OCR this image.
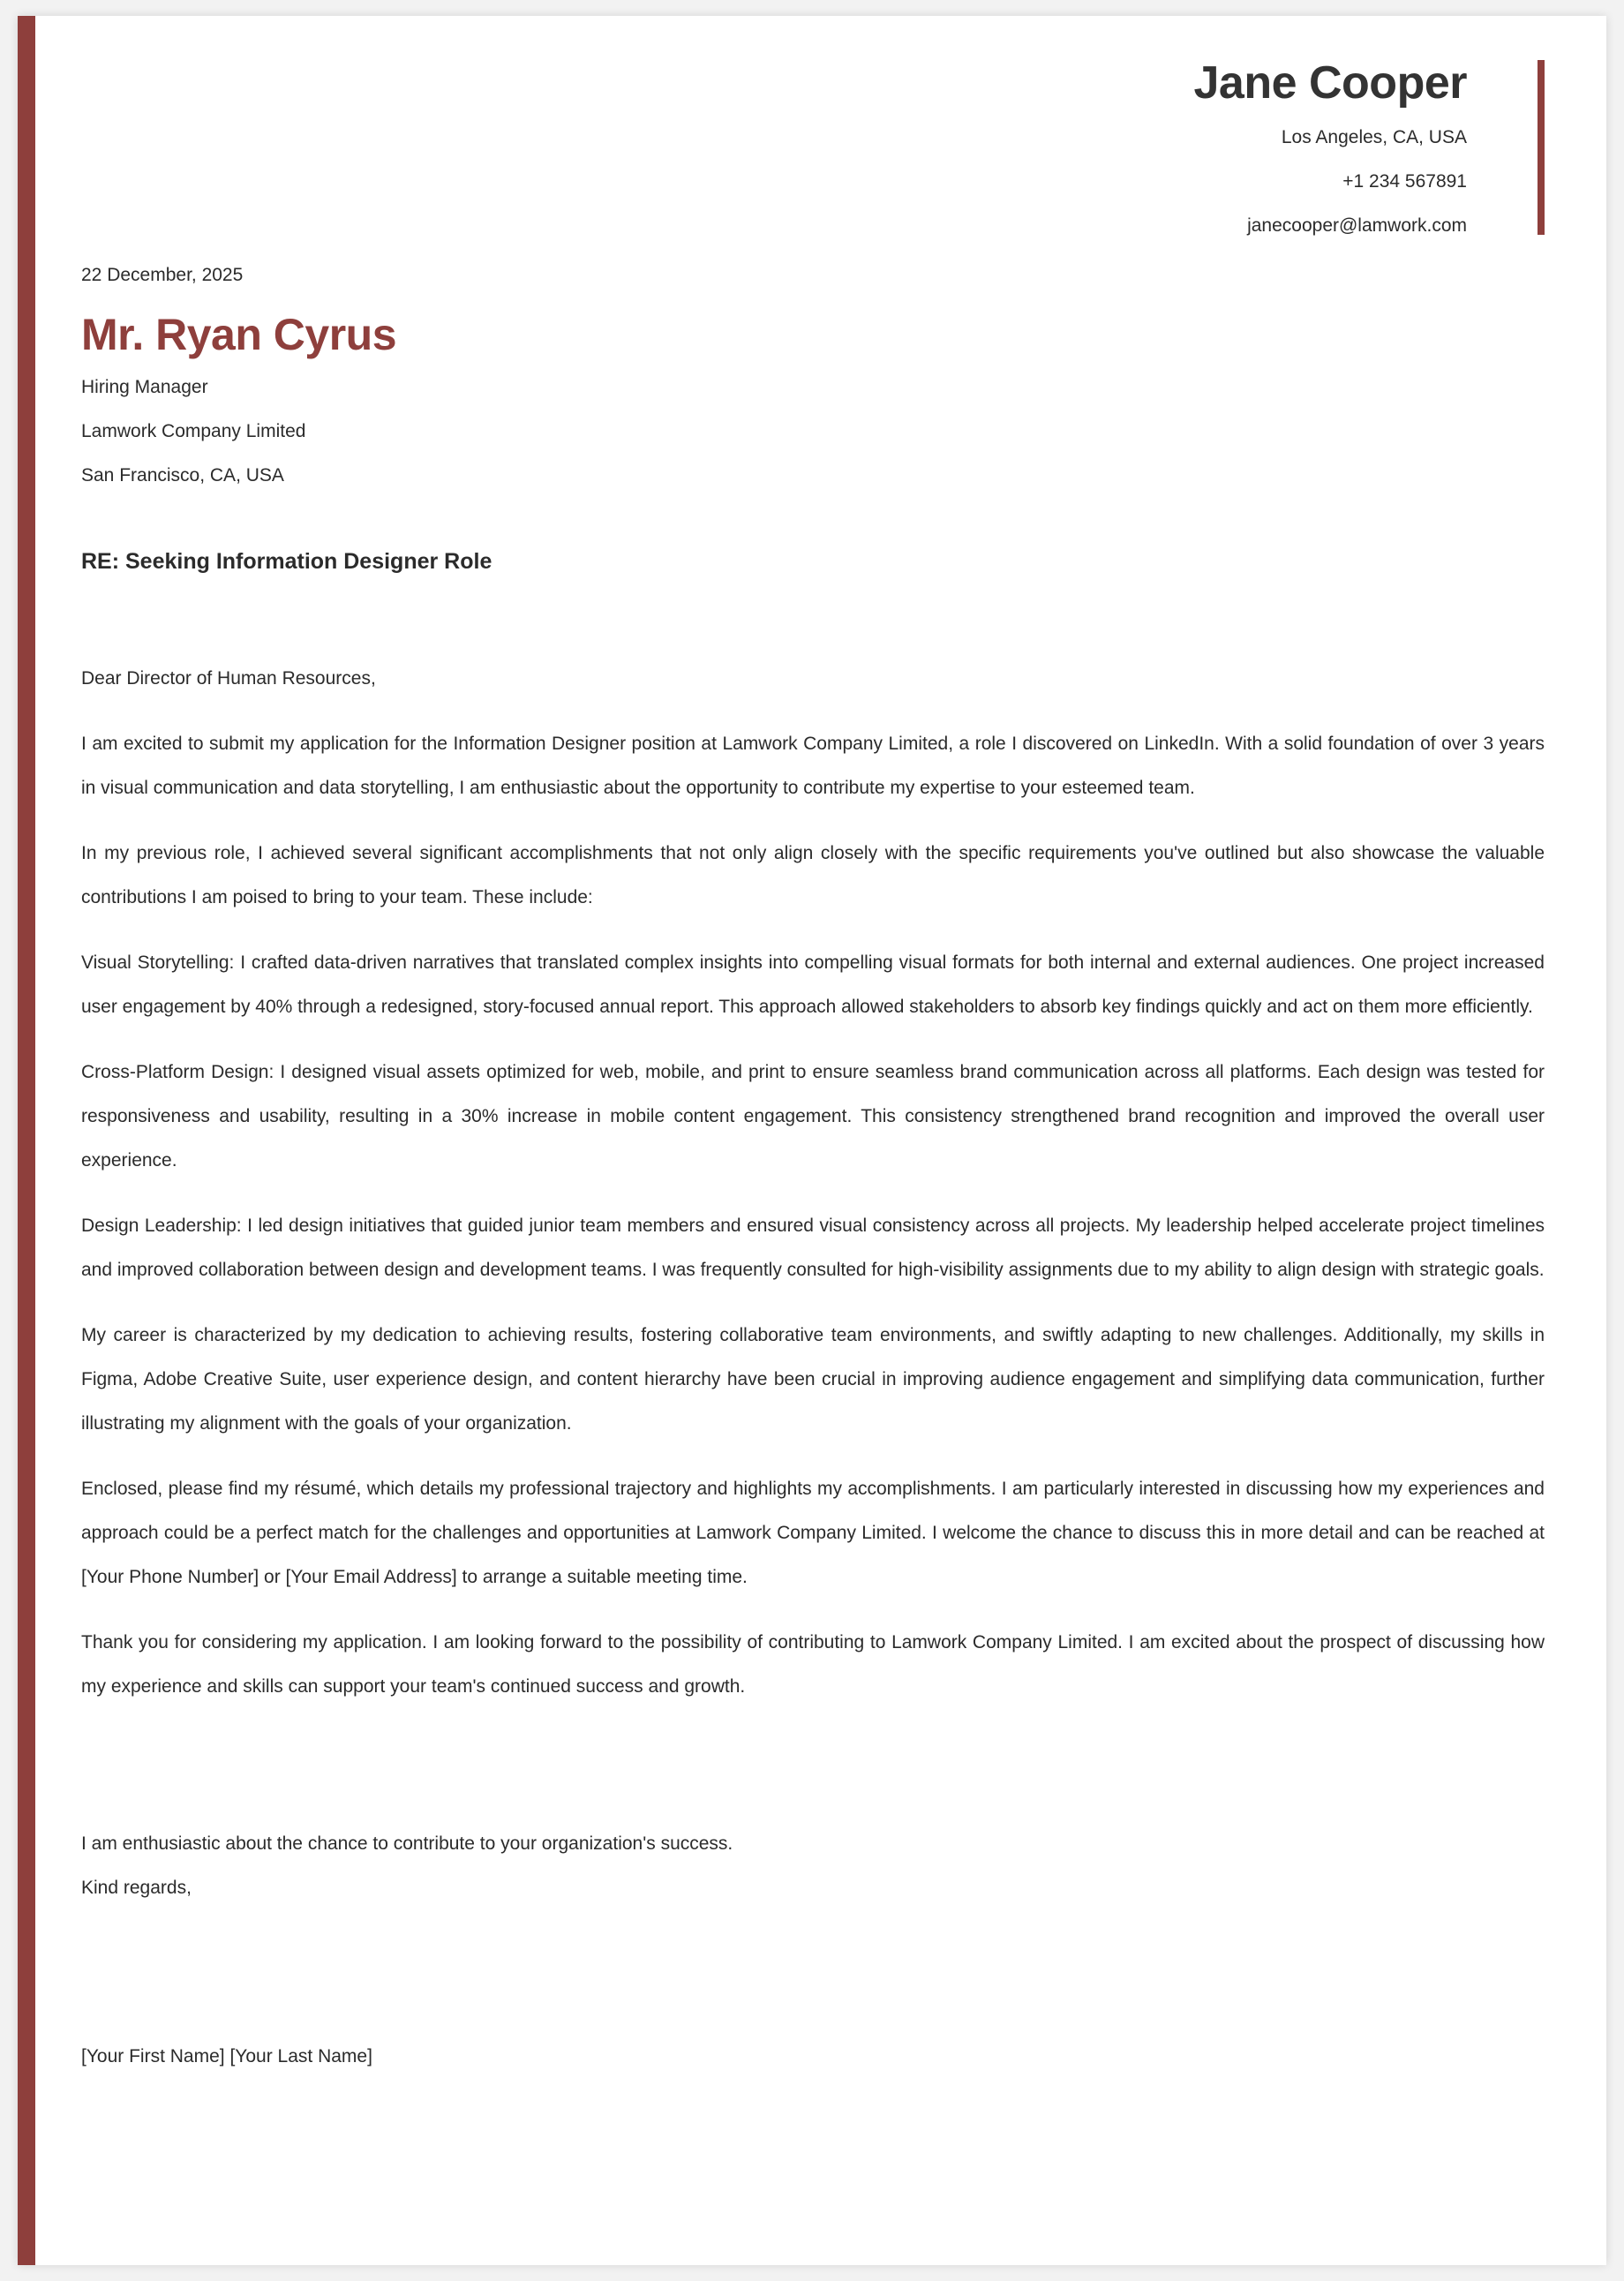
Jane Cooper
Los Angeles, CA, USA
+1 234 567891
janecooper@lamwork.com
22 December, 2025
Mr. Ryan Cyrus
Hiring Manager
Lamwork Company Limited
San Francisco, CA, USA
RE: Seeking Information Designer Role

Dear Director of Human Resources,

I am excited to submit my application for the Information Designer position at Lamwork Company Limited, a role I discovered on LinkedIn. With a solid foundation of over 3 years in visual communication and data storytelling, I am enthusiastic about the opportunity to contribute my expertise to your esteemed team.

In my previous role, I achieved several significant accomplishments that not only align closely with the specific requirements you've outlined but also showcase the valuable contributions I am poised to bring to your team. These include:

Visual Storytelling: I crafted data-driven narratives that translated complex insights into compelling visual formats for both internal and external audiences. One project increased user engagement by 40% through a redesigned, story-focused annual report. This approach allowed stakeholders to absorb key findings quickly and act on them more efficiently.

Cross-Platform Design: I designed visual assets optimized for web, mobile, and print to ensure seamless brand communication across all platforms. Each design was tested for responsiveness and usability, resulting in a 30% increase in mobile content engagement. This consistency strengthened brand recognition and improved the overall user experience.

Design Leadership: I led design initiatives that guided junior team members and ensured visual consistency across all projects. My leadership helped accelerate project timelines and improved collaboration between design and development teams. I was frequently consulted for high-visibility assignments due to my ability to align design with strategic goals.

My career is characterized by my dedication to achieving results, fostering collaborative team environments, and swiftly adapting to new challenges. Additionally, my skills in Figma, Adobe Creative Suite, user experience design, and content hierarchy have been crucial in improving audience engagement and simplifying data communication, further illustrating my alignment with the goals of your organization.

Enclosed, please find my résumé, which details my professional trajectory and highlights my accomplishments. I am particularly interested in discussing how my experiences and approach could be a perfect match for the challenges and opportunities at Lamwork Company Limited. I welcome the chance to discuss this in more detail and can be reached at [Your Phone Number] or [Your Email Address] to arrange a suitable meeting time.

Thank you for considering my application. I am looking forward to the possibility of contributing to Lamwork Company Limited. I am excited about the prospect of discussing how my experience and skills can support your team's continued success and growth.

I am enthusiastic about the chance to contribute to your organization's success.
Kind regards,
[Your First Name] [Your Last Name]
